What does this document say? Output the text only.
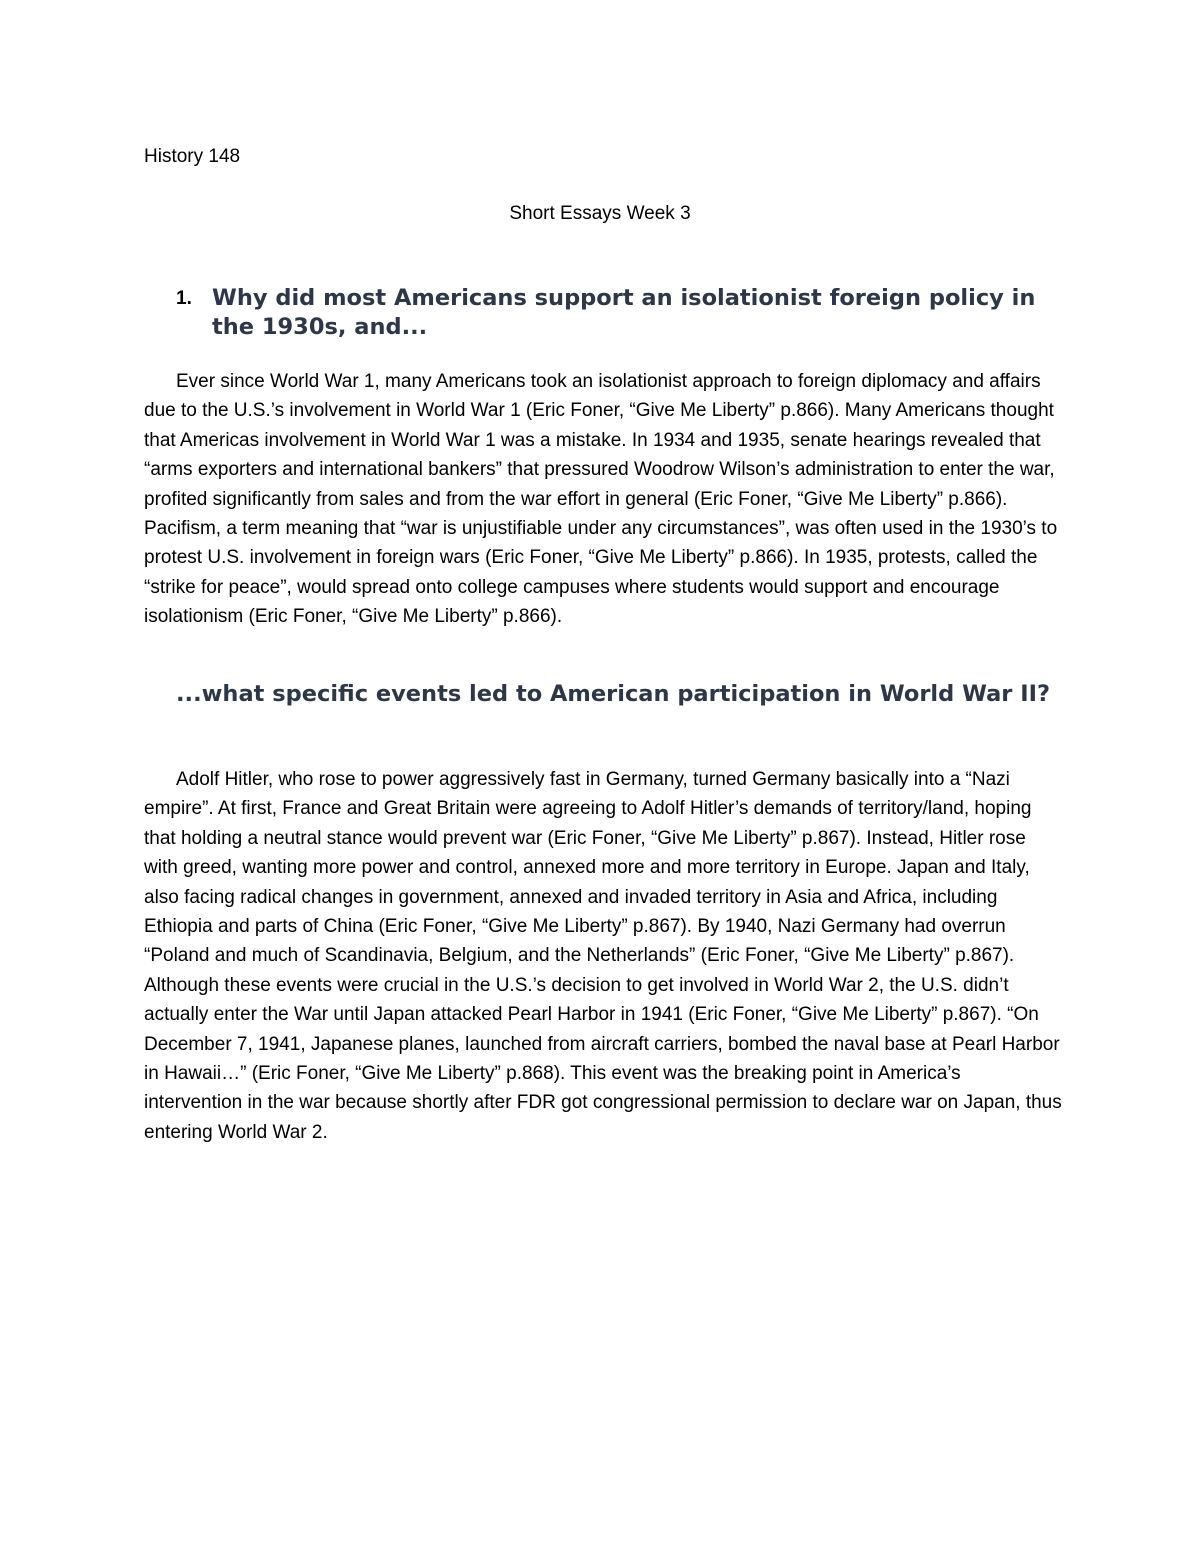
History 148
Short Essays Week 3
1. Why did most Americans support an isolationist foreign policy in the 1930s, and...

Ever since World War 1, many Americans took an isolationist approach to foreign diplomacy and affairs due to the U.S.’s involvement in World War 1 (Eric Foner, “Give Me Liberty” p.866). Many Americans thought that Americas involvement in World War 1 was a mistake. In 1934 and 1935, senate hearings revealed that “arms exporters and international bankers” that pressured Woodrow Wilson’s administration to enter the war, profited significantly from sales and from the war effort in general (Eric Foner, “Give Me Liberty” p.866). Pacifism, a term meaning that “war is unjustifiable under any circumstances”, was often used in the 1930’s to protest U.S. involvement in foreign wars (Eric Foner, “Give Me Liberty” p.866). In 1935, protests, called the “strike for peace”, would spread onto college campuses where students would support and encourage isolationism (Eric Foner, “Give Me Liberty” p.866).

...what specific events led to American participation in World War II?

Adolf Hitler, who rose to power aggressively fast in Germany, turned Germany basically into a “Nazi empire”. At first, France and Great Britain were agreeing to Adolf Hitler’s demands of territory/land, hoping that holding a neutral stance would prevent war (Eric Foner, “Give Me Liberty” p.867). Instead, Hitler rose with greed, wanting more power and control, annexed more and more territory in Europe. Japan and Italy, also facing radical changes in government, annexed and invaded territory in Asia and Africa, including Ethiopia and parts of China (Eric Foner, “Give Me Liberty” p.867). By 1940, Nazi Germany had overrun “Poland and much of Scandinavia, Belgium, and the Netherlands” (Eric Foner, “Give Me Liberty” p.867). Although these events were crucial in the U.S.’s decision to get involved in World War 2, the U.S. didn’t actually enter the War until Japan attacked Pearl Harbor in 1941 (Eric Foner, “Give Me Liberty” p.867). “On December 7, 1941, Japanese planes, launched from aircraft carriers, bombed the naval base at Pearl Harbor in Hawaii…” (Eric Foner, “Give Me Liberty” p.868). This event was the breaking point in America’s intervention in the war because shortly after FDR got congressional permission to declare war on Japan, thus entering World War 2.
